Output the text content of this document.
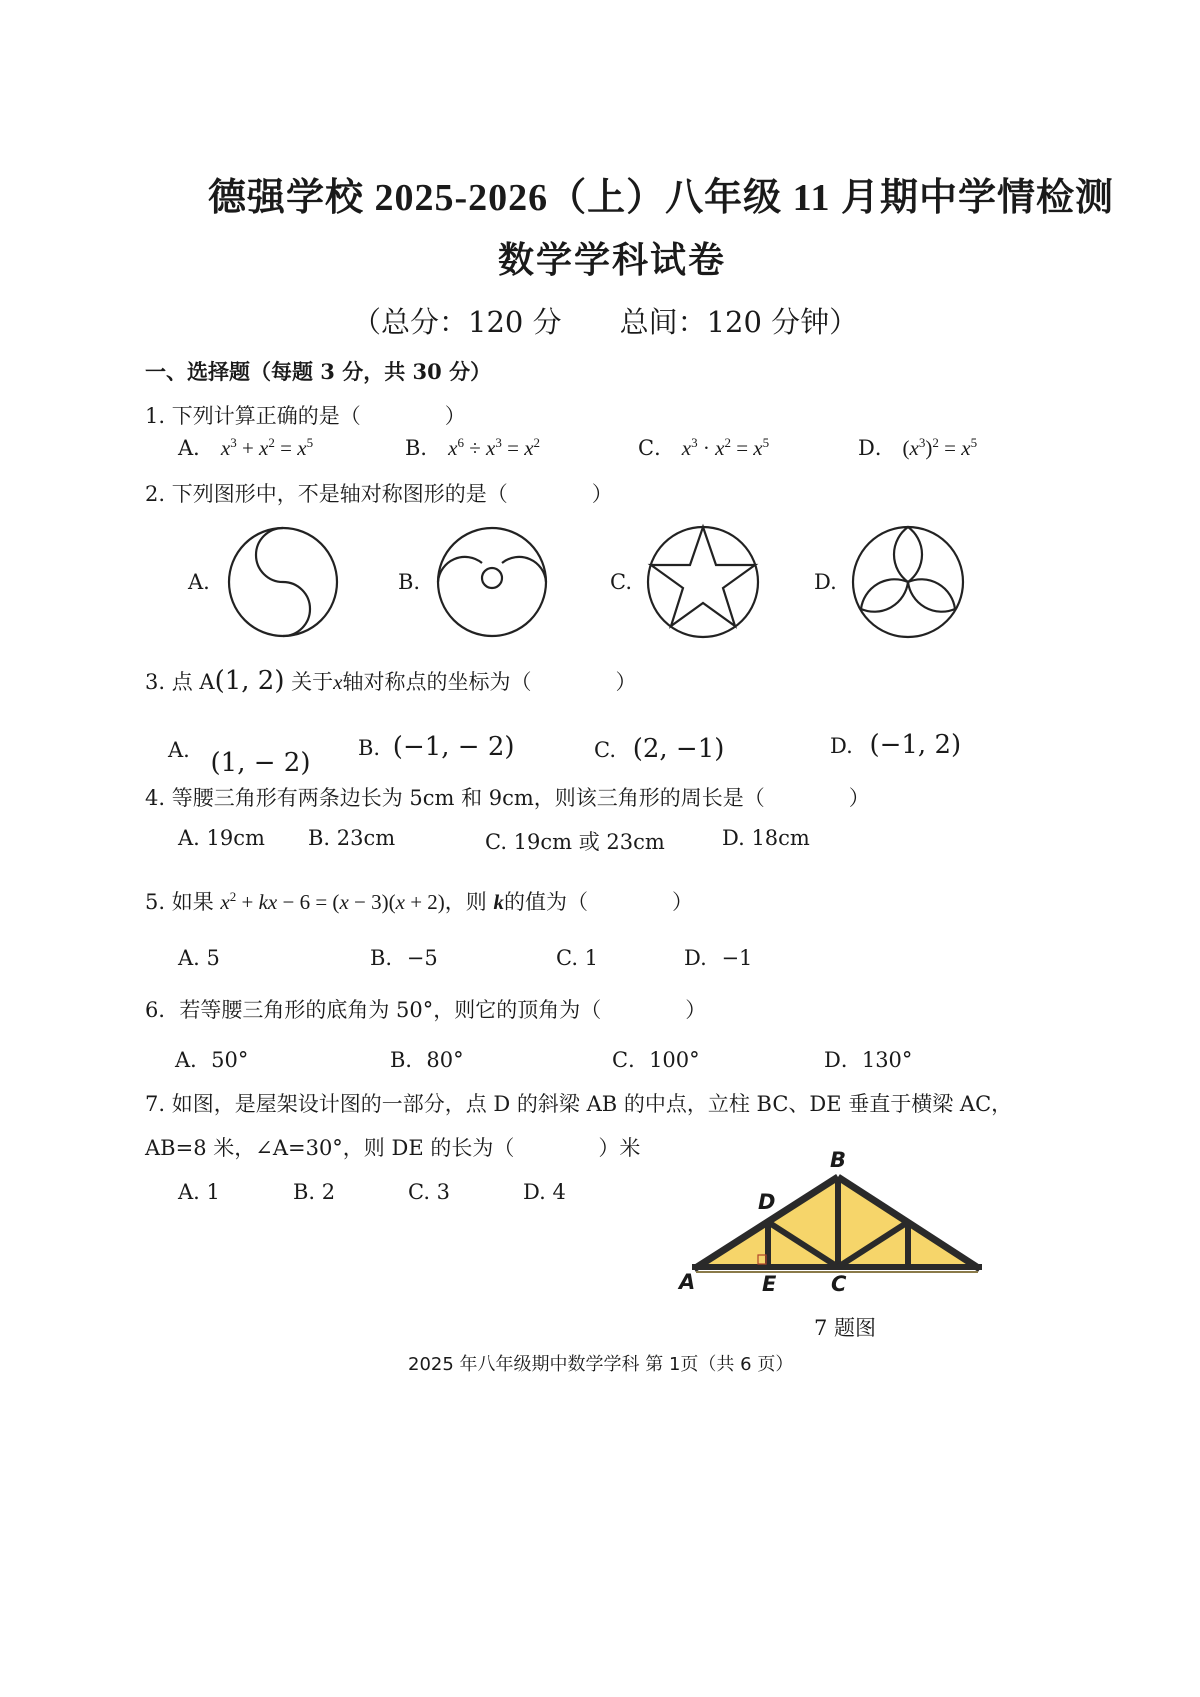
德强学校 2025-2026（上）八年级 11 月期中学情检测
数学学科试卷
（总分：120 分　　总间：120 分钟）
一、选择题（每题 3 分，共 30 分）
1. 下列计算正确的是（　　　　）
A． $x^3 + x^2 = x^5$	B． $x^6 \div x^3 = x^2$	C． $x^3 \cdot x^2 = x^5$	D． $(x^3)^2 = x^5$
2. 下列图形中，不是轴对称图形的是（　　　　）
A.	B.	C.	D.
3. 点 A(1, 2) 关于x轴对称点的坐标为（　　　　）
A. (1, − 2) B. (−1, − 2)	C. (2, −1)	D. (−1, 2)
4. 等腰三角形有两条边长为 5cm 和 9cm，则该三角形的周长是（　　　　）
A. 19cm B. 23cm	C. 19cm 或 23cm	D. 18cm
5. 如果 $x^2$ + kx − 6 = (x − 3)(x + 2)，则 k的值为（　　　　）
A. 5	B. −5	C. 1	D. −1
6．若等腰三角形的底角为 50°，则它的顶角为（　　　　）
A．50°	B．80°	C．100°	D．130°
7. 如图，是屋架设计图的一部分，点 D 的斜梁 AB 的中点，立柱 BC、DE 垂直于横梁 AC，
AB=8 米，∠A=30°，则 DE 的长为（　　　　）米
A. 1	B. 2	C. 3	D. 4
B
D
A	E	C
7 题图
2025 年八年级期中数学学科 第 1页（共 6 页）
